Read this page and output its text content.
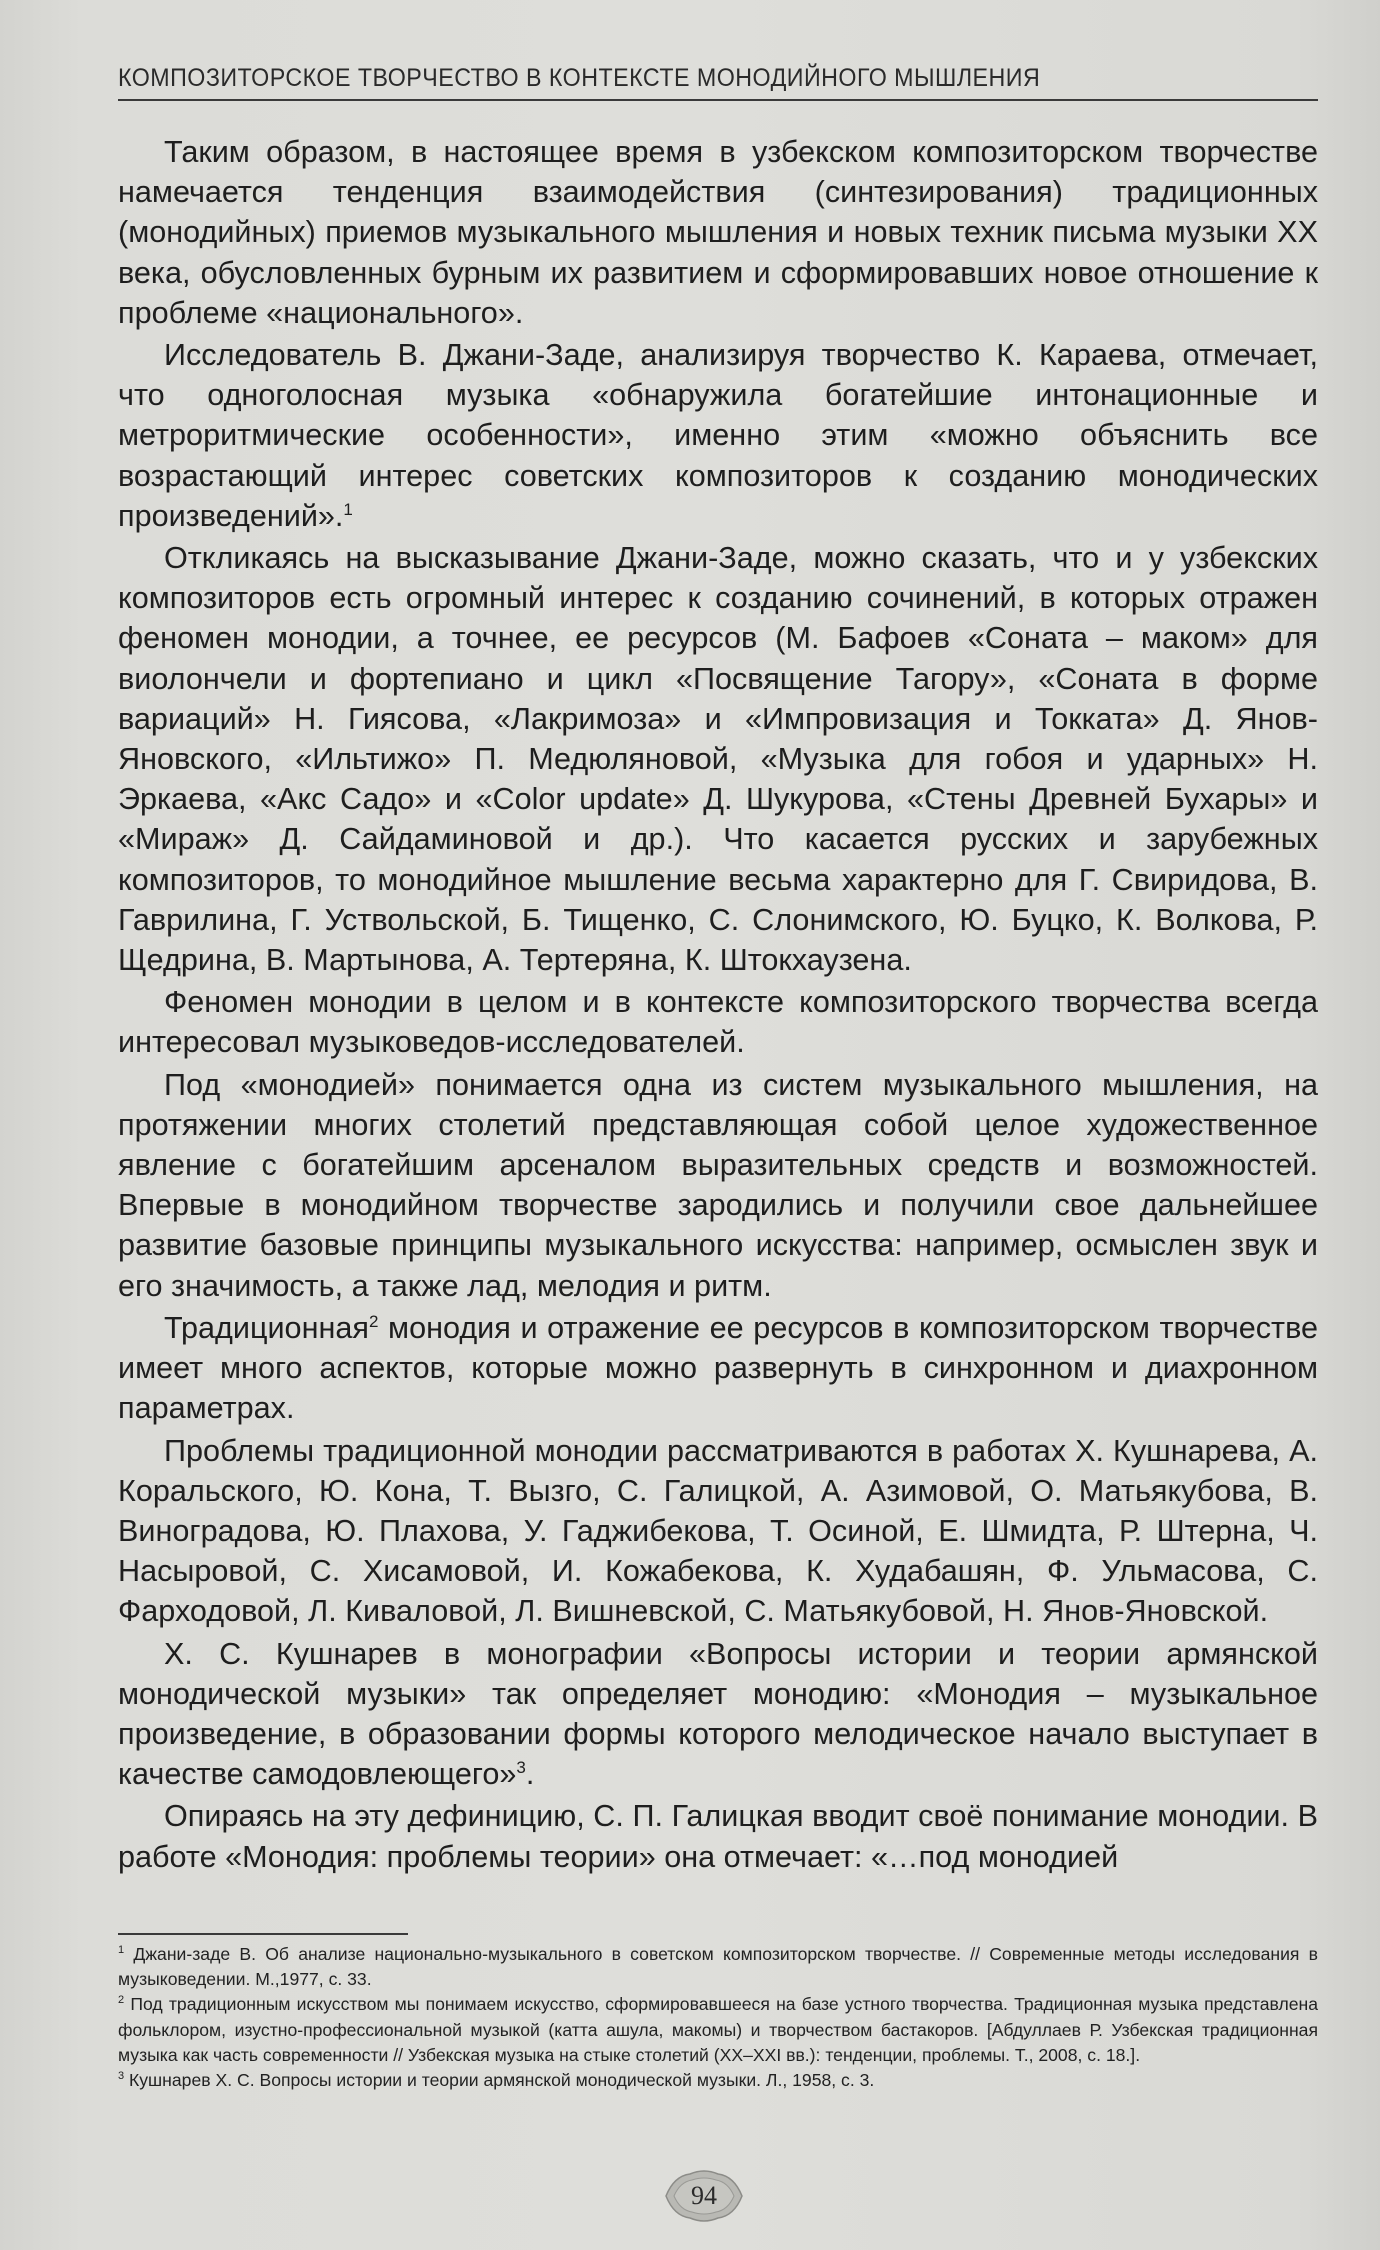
КОМПОЗИТОРСКОЕ ТВОРЧЕСТВО В КОНТЕКСТЕ МОНОДИЙНОГО МЫШЛЕНИЯ

Таким образом, в настоящее время в узбекском композиторском творчестве намечается тенденция взаимодействия (синтезирования) традиционных (монодийных) приемов музыкального мышления и новых техник письма музыки XX века, обусловленных бурным их развитием и сформировавших новое отношение к проблеме «национального».

Исследователь В. Джани-Заде, анализируя творчество К. Караева, отмечает, что одноголосная музыка «обнаружила богатейшие интонационные и метроритмические особенности», именно этим «можно объяснить все возрастающий интерес советских композиторов к созданию монодических произведений».$^1$

Откликаясь на высказывание Джани-Заде, можно сказать, что и у узбекских композиторов есть огромный интерес к созданию сочинений, в которых отражен феномен монодии, а точнее, ее ресурсов (М. Бафоев «Соната – маком» для виолончели и фортепиано и цикл «Посвящение Тагору», «Соната в форме вариаций» Н. Гиясова, «Лакримоза» и «Импровизация и Токката» Д. Янов-Яновского, «Ильтижо» П. Медюляновой, «Музыка для гобоя и ударных» Н. Эркаева, «Акс Садо» и «Color update» Д. Шукурова, «Стены Древней Бухары» и «Мираж» Д. Сайдаминовой и др.). Что касается русских и зарубежных композиторов, то монодийное мышление весьма характерно для Г. Свиридова, В. Гаврилина, Г. Уствольской, Б. Тищенко, С. Слонимского, Ю. Буцко, К. Волкова, Р. Щедрина, В. Мартынова, А. Тертеряна, К. Штокхаузена.

Феномен монодии в целом и в контексте композиторского творчества всегда интересовал музыковедов-исследователей.

Под «монодией» понимается одна из систем музыкального мышления, на протяжении многих столетий представляющая собой целое художественное явление с богатейшим арсеналом выразительных средств и возможностей. Впервые в монодийном творчестве зародились и получили свое дальнейшее развитие базовые принципы музыкального искусства: например, осмыслен звук и его значимость, а также лад, мелодия и ритм.

Традиционная$^2$ монодия и отражение ее ресурсов в композиторском творчестве имеет много аспектов, которые можно развернуть в синхронном и диахронном параметрах.

Проблемы традиционной монодии рассматриваются в работах Х. Кушнарева, А. Коральского, Ю. Кона, Т. Вызго, С. Галицкой, А. Азимовой, О. Матьякубова, В. Виноградова, Ю. Плахова, У. Гаджибекова, Т. Осиной, Е. Шмидта, Р. Штерна, Ч. Насыровой, С. Хисамовой, И. Кожабекова, К. Худабашян, Ф. Ульмасова, С. Фарходовой, Л. Киваловой, Л. Вишневской, С. Матьякубовой, Н. Янов-Яновской.

Х. С. Кушнарев в монографии «Вопросы истории и теории армянской монодической музыки» так определяет монодию: «Монодия – музыкальное произведение, в образовании формы которого мелодическое начало выступает в качестве самодовлеющего»$^3$.

Опираясь на эту дефиницию, С. П. Галицкая вводит своё понимание монодии. В работе «Монодия: проблемы теории» она отмечает: «…под монодией

$^1$ Джани-заде В. Об анализе национально-музыкального в советском композиторском творчестве. // Современные методы исследования в музыковедении. М.,1977, с. 33.

$^2$ Под традиционным искусством мы понимаем искусство, сформировавшееся на базе устного творчества. Традиционная музыка представлена фольклором, изустно-профессиональной музыкой (катта ашула, макомы) и творчеством бастакоров. [Абдуллаев Р. Узбекская традиционная музыка как часть современности // Узбекская музыка на стыке столетий (XX–XXI вв.): тенденции, проблемы. Т., 2008, с. 18.].

$^3$ Кушнарев Х. С. Вопросы истории и теории армянской монодической музыки. Л., 1958, с. 3.

94
